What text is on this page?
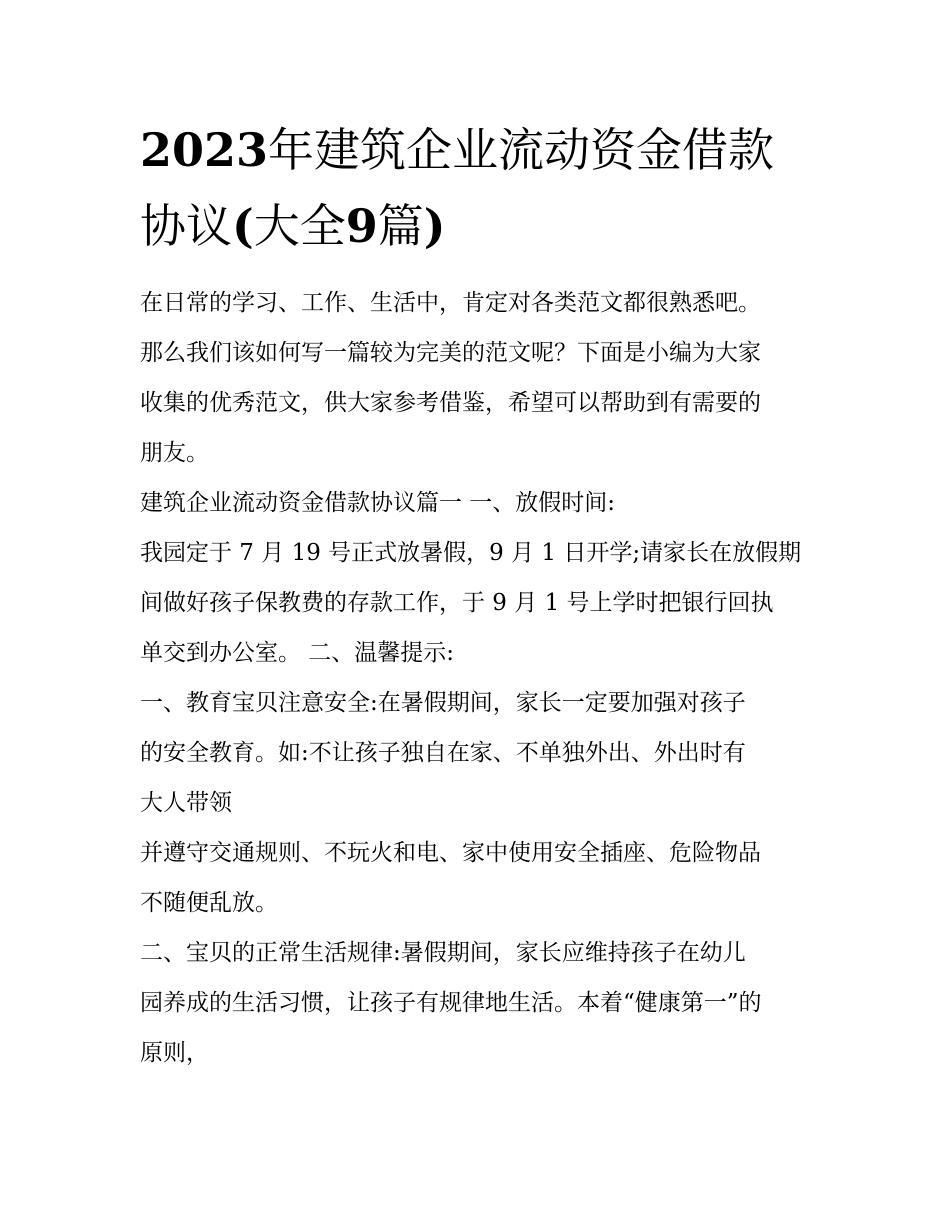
2023年建筑企业流动资金借款
协议(大全9篇)
在日常的学习、工作、生活中，肯定对各类范文都很熟悉吧。
那么我们该如何写一篇较为完美的范文呢？下面是小编为大家
收集的优秀范文，供大家参考借鉴，希望可以帮助到有需要的
朋友。
建筑企业流动资金借款协议篇一 一、放假时间:
我园定于 7 月 19 号正式放暑假，9 月 1 日开学;请家长在放假期
间做好孩子保教费的存款工作，于 9 月 1 号上学时把银行回执
单交到办公室。 二、温馨提示:
一、教育宝贝注意安全:在暑假期间，家长一定要加强对孩子
的安全教育。如:不让孩子独自在家、不单独外出、外出时有
大人带领
并遵守交通规则、不玩火和电、家中使用安全插座、危险物品
不随便乱放。
二、宝贝的正常生活规律:暑假期间，家长应维持孩子在幼儿
园养成的生活习惯，让孩子有规律地生活。本着“健康第一”的
原则，
